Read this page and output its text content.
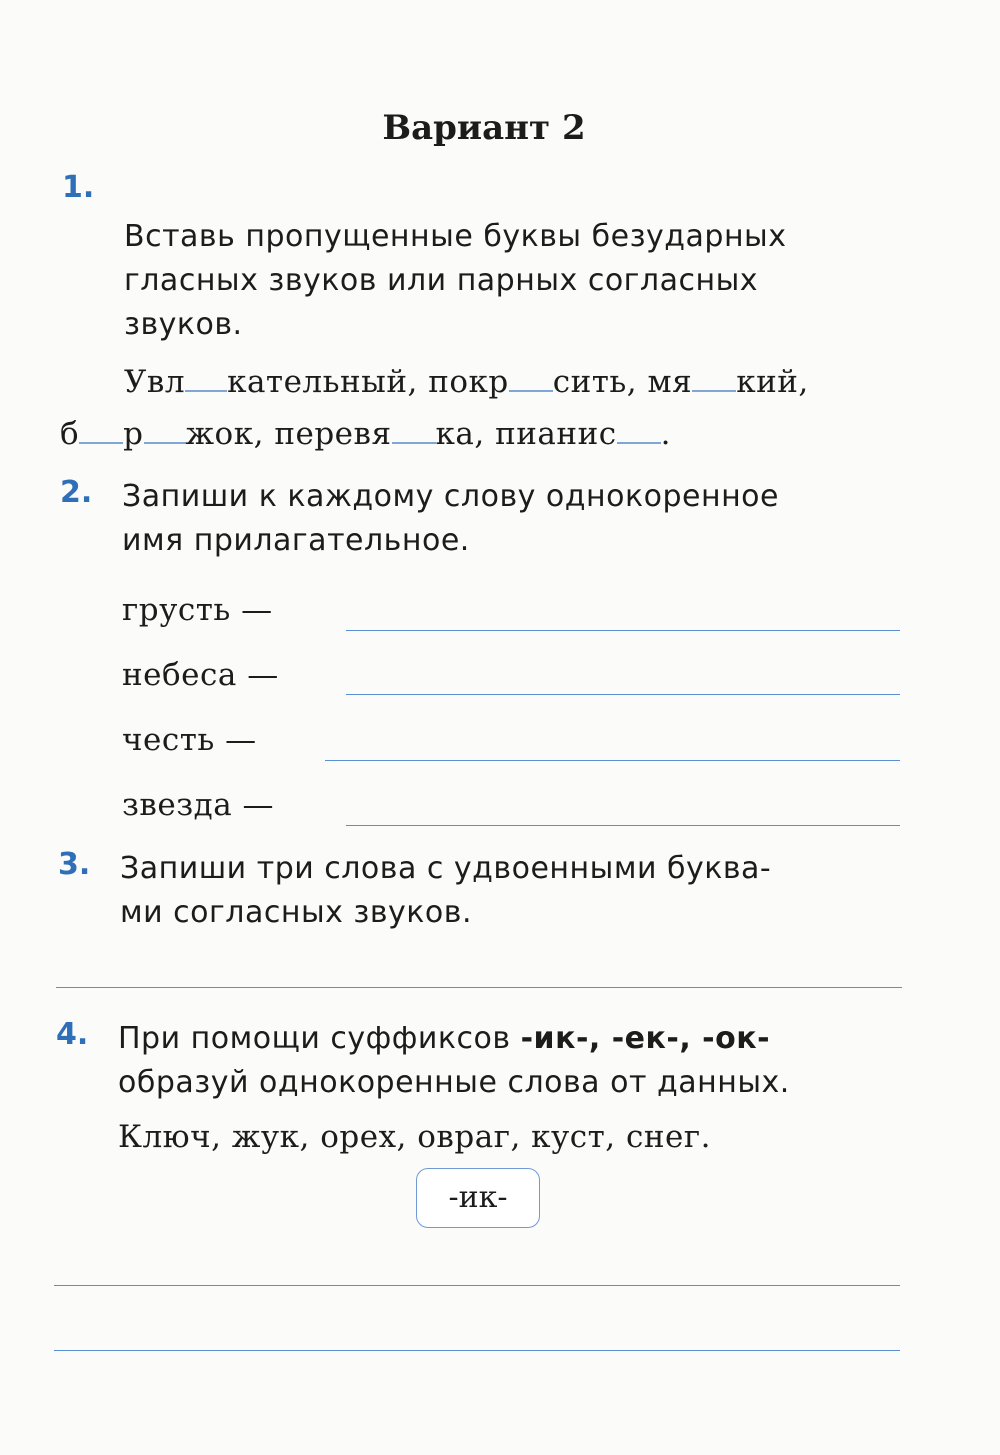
Вариант 2
1.
Вставь пропущенные буквы безударных
гласных звуков или парных согласных
звуков.
Увл кательный, покр сить, мя кий,
б р жок, перевя ка, пианис .
2. Запиши к каждому слову однокоренное
имя прилагательное.
грусть —
небеса —
честь —
звезда —
3. Запиши три слова с удвоенными буква-
ми согласных звуков.
4. При помощи суффиксов -ик-, -ек-, -ок-
образуй однокоренные слова от данных.
Ключ, жук, орех, овраг, куст, снег.
-ик-
